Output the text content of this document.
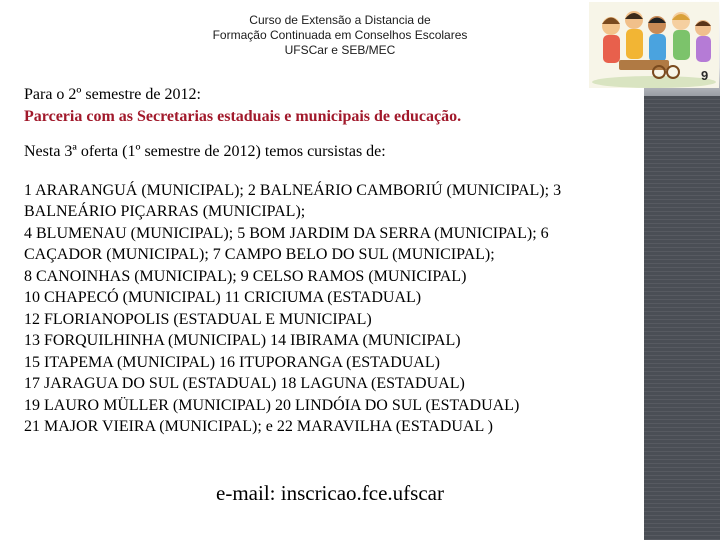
Curso de Extensão a Distancia de
Formação Continuada em Conselhos Escolares
UFSCar e SEB/MEC
9
Para o 2º semestre de 2012:
Parceria com as Secretarias estaduais e municipais de educação.
Nesta 3ª oferta (1º semestre de 2012) temos cursistas de:
1 ARARANGUÁ (MUNICIPAL); 2 BALNEÁRIO CAMBORIÚ (MUNICIPAL); 3
BALNEÁRIO PIÇARRAS (MUNICIPAL);
4 BLUMENAU (MUNICIPAL); 5 BOM JARDIM DA SERRA (MUNICIPAL); 6
CAÇADOR (MUNICIPAL); 7 CAMPO BELO DO SUL (MUNICIPAL);
8 CANOINHAS (MUNICIPAL); 9 CELSO RAMOS (MUNICIPAL)
10 CHAPECÓ (MUNICIPAL) 11 CRICIUMA (ESTADUAL)
12 FLORIANOPOLIS (ESTADUAL E MUNICIPAL)
13 FORQUILHINHA (MUNICIPAL) 14 IBIRAMA (MUNICIPAL)
15 ITAPEMA (MUNICIPAL) 16 ITUPORANGA (ESTADUAL)
17 JARAGUA DO SUL (ESTADUAL) 18 LAGUNA (ESTADUAL)
19 LAURO MÜLLER (MUNICIPAL) 20 LINDÓIA DO SUL (ESTADUAL)
21 MAJOR VIEIRA (MUNICIPAL); e 22 MARAVILHA (ESTADUAL )
e-mail: inscricao.fce.ufscar
